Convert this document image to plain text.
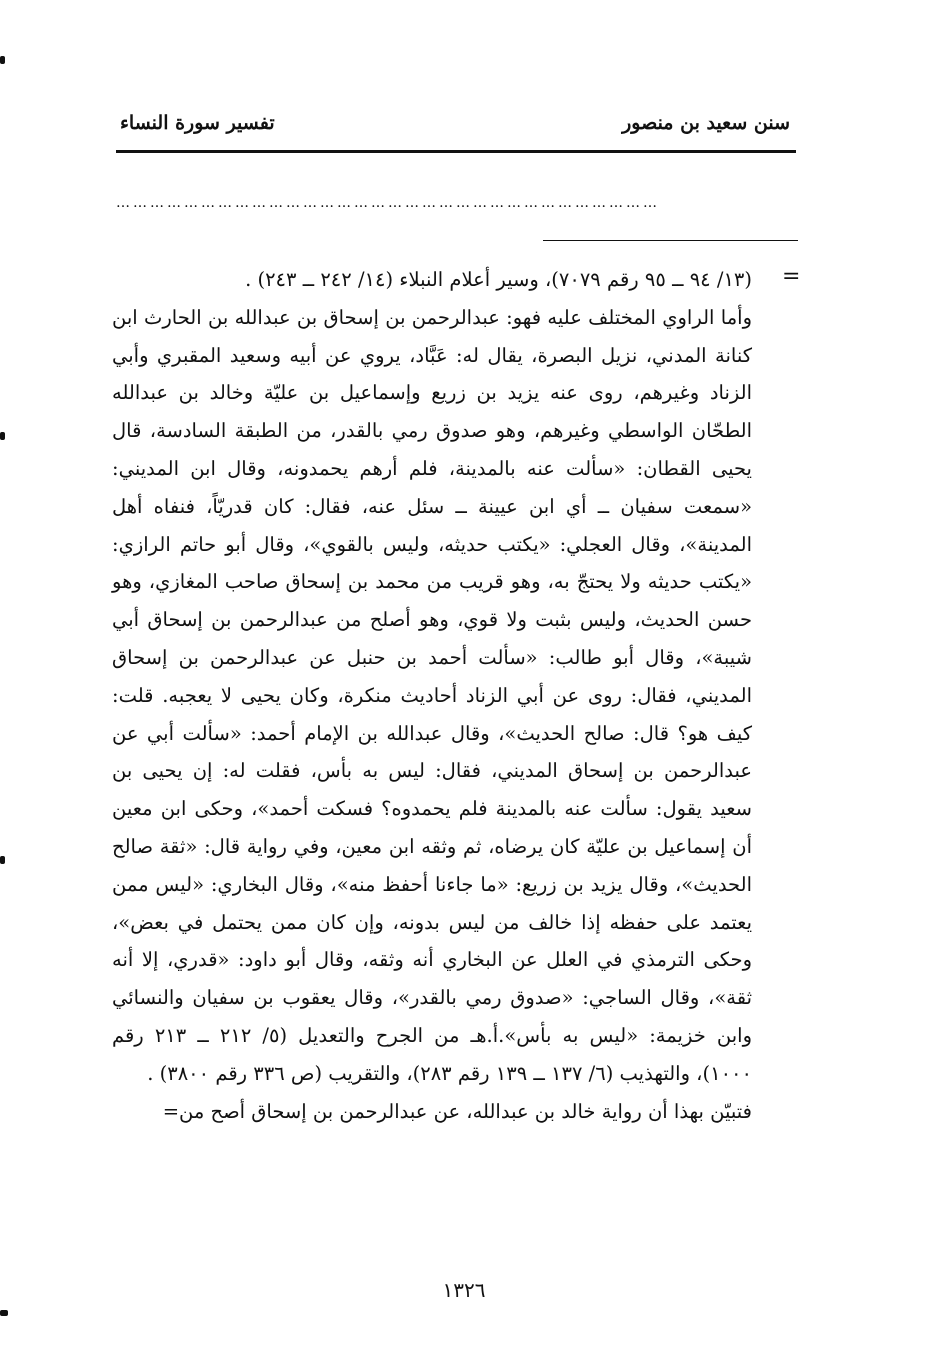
سنن سعيد بن منصور
تفسير سورة النساء
……………………………………………………………………………………
=

(١٣/ ٩٤ ــ ٩٥ رقم ٧٠٧٩)، وسير أعلام النبلاء (١٤/ ٢٤٢ ــ ٢٤٣) .

وأما الراوي المختلف عليه فهو: عبدالرحمن بن إسحاق بن عبدالله بن الحارث ابن كنانة المدني، نزيل البصرة، يقال له: عَبَّاد، يروي عن أبيه وسعيد المقبري وأبي الزناد وغيرهم، روى عنه يزيد بن زريع وإسماعيل بن عليّة وخالد بن عبدالله الطحّان الواسطي وغيرهم، وهو صدوق رمي بالقدر، من الطبقة السادسة، قال يحيى القطان: «سألت عنه بالمدينة، فلم أرهم يحمدونه، وقال ابن المديني: «سمعت سفيان ــ أي ابن عيينة ــ سئل عنه، فقال: كان قدريّاً، فنفاه أهل المدينة»، وقال العجلي: «يكتب حديثه، وليس بالقوي»، وقال أبو حاتم الرازي: «يكتب حديثه ولا يحتجّ به، وهو قريب من محمد بن إسحاق صاحب المغازي، وهو حسن الحديث، وليس بثبت ولا قوي، وهو أصلح من عبدالرحمن بن إسحاق أبي شيبة»، وقال أبو طالب: «سألت أحمد بن حنبل عن عبدالرحمن بن إسحاق المديني، فقال: روى عن أبي الزناد أحاديث منكرة، وكان يحيى لا يعجبه. قلت: كيف هو؟ قال: صالح الحديث»، وقال عبدالله بن الإمام أحمد: «سألت أبي عن عبدالرحمن بن إسحاق المديني، فقال: ليس به بأس، فقلت له: إن يحيى بن سعيد يقول: سألت عنه بالمدينة فلم يحمدوه؟ فسكت أحمد»، وحكى ابن معين أن إسماعيل بن عليّة كان يرضاه، ثم وثقه ابن معين، وفي رواية قال: «ثقة صالح الحديث»، وقال يزيد بن زريع: «ما جاءنا أحفظ منه»، وقال البخاري: «ليس ممن يعتمد على حفظه إذا خالف من ليس بدونه، وإن كان ممن يحتمل في بعض»، وحكى الترمذي في العلل عن البخاري أنه وثقه، وقال أبو داود: «قدري، إلا أنه ثقة»، وقال الساجي: «صدوق رمي بالقدر»، وقال يعقوب بن سفيان والنسائي وابن خزيمة: «ليس به بأس».أ.هـ من الجرح والتعديل (٥/ ٢١٢ ــ ٢١٣ رقم ١٠٠٠)، والتهذيب (٦/ ١٣٧ ــ ١٣٩ رقم ٢٨٣)، والتقريب (ص ٣٣٦ رقم ٣٨٠٠) .

فتبيّن بهذا أن رواية خالد بن عبدالله، عن عبدالرحمن بن إسحاق أصح من=

١٣٢٦
